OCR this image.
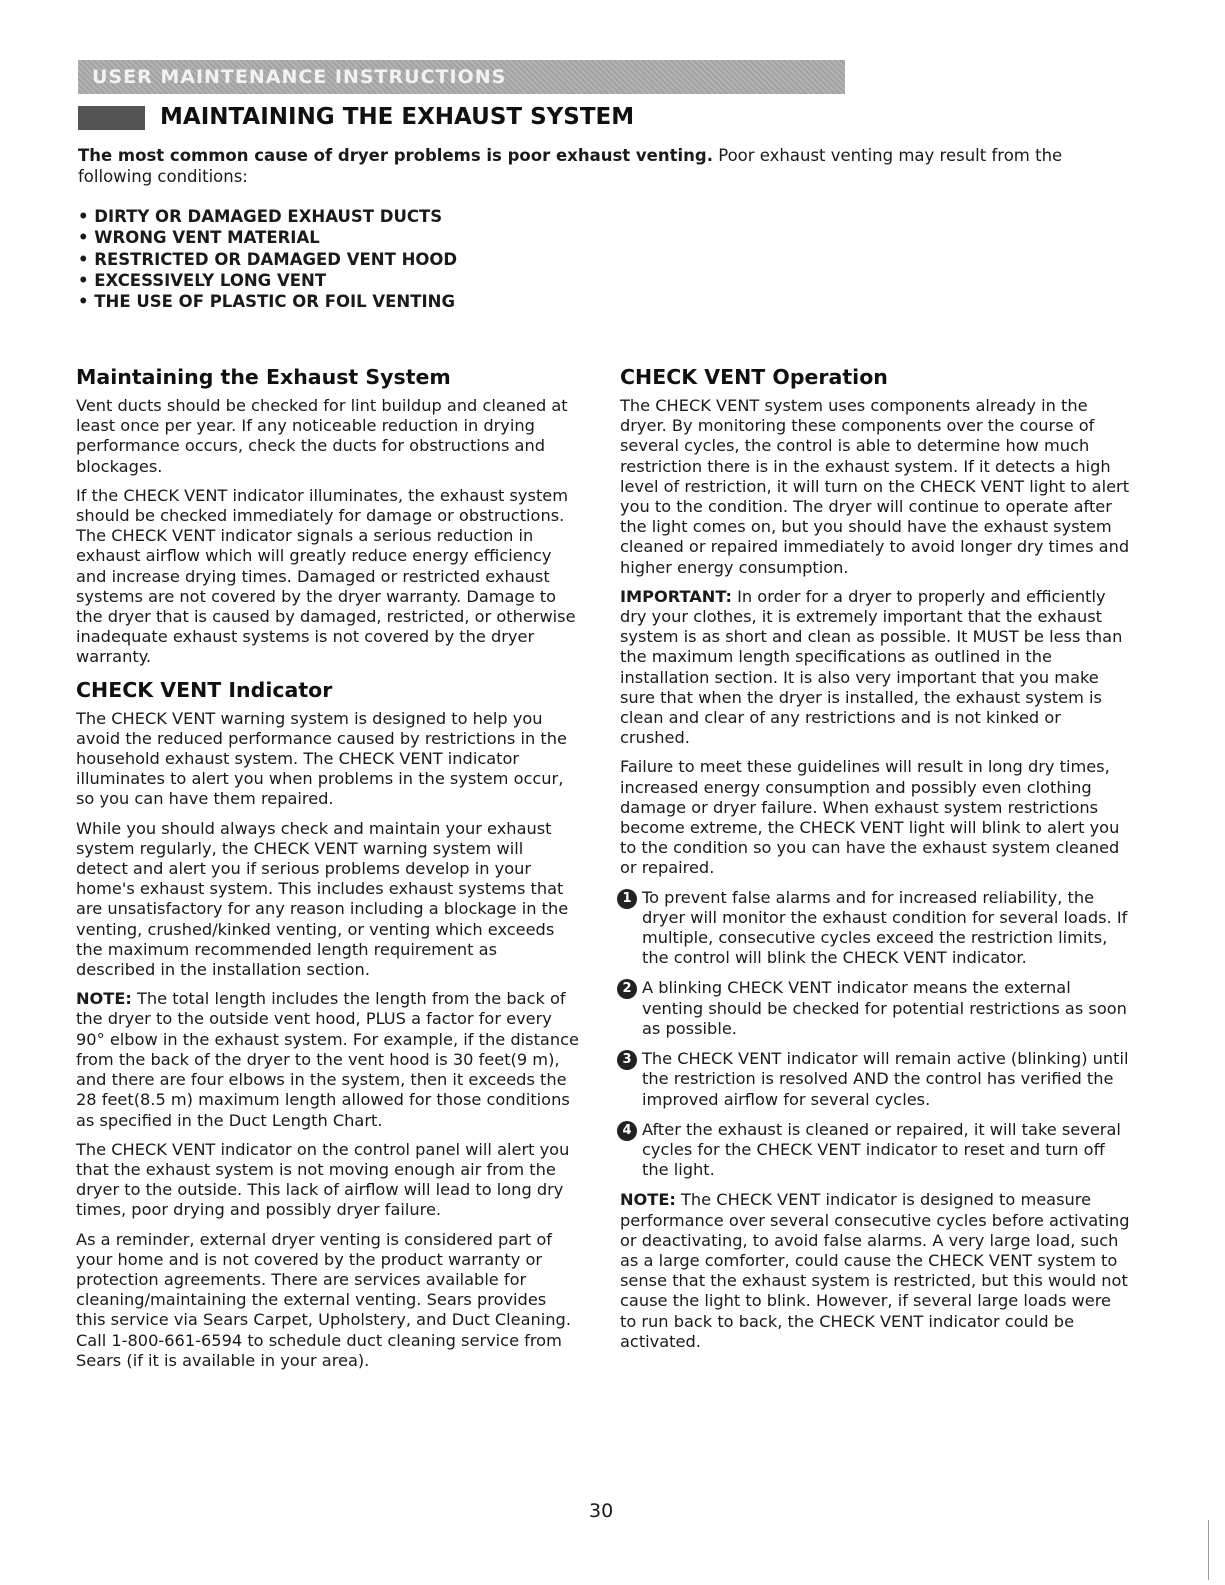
USER MAINTENANCE INSTRUCTIONS
MAINTAINING THE EXHAUST SYSTEM
The most common cause of dryer problems is poor exhaust venting. Poor exhaust venting may result from the following conditions:
• DIRTY OR DAMAGED EXHAUST DUCTS
• WRONG VENT MATERIAL
• RESTRICTED OR DAMAGED VENT HOOD
• EXCESSIVELY LONG VENT
• THE USE OF PLASTIC OR FOIL VENTING
Maintaining the Exhaust System

Vent ducts should be checked for lint buildup and cleaned at least once per year. If any noticeable reduction in drying performance occurs, check the ducts for obstructions and blockages.

If the CHECK VENT indicator illuminates, the exhaust system should be checked immediately for damage or obstructions. The CHECK VENT indicator signals a serious reduction in exhaust airflow which will greatly reduce energy efficiency and increase drying times. Damaged or restricted exhaust systems are not covered by the dryer warranty. Damage to the dryer that is caused by damaged, restricted, or otherwise inadequate exhaust systems is not covered by the dryer warranty.

CHECK VENT Indicator

The CHECK VENT warning system is designed to help you avoid the reduced performance caused by restrictions in the household exhaust system. The CHECK VENT indicator illuminates to alert you when problems in the system occur, so you can have them repaired.

While you should always check and maintain your exhaust system regularly, the CHECK VENT warning system will detect and alert you if serious problems develop in your home's exhaust system. This includes exhaust systems that are unsatisfactory for any reason including a blockage in the venting, crushed/kinked venting, or venting which exceeds the maximum recommended length requirement as described in the installation section.

NOTE: The total length includes the length from the back of the dryer to the outside vent hood, PLUS a factor for every 90° elbow in the exhaust system. For example, if the distance from the back of the dryer to the vent hood is 30 feet(9 m), and there are four elbows in the system, then it exceeds the 28 feet(8.5 m) maximum length allowed for those conditions as specified in the Duct Length Chart.

The CHECK VENT indicator on the control panel will alert you that the exhaust system is not moving enough air from the dryer to the outside. This lack of airflow will lead to long dry times, poor drying and possibly dryer failure.

As a reminder, external dryer venting is considered part of your home and is not covered by the product warranty or protection agreements. There are services available for cleaning/maintaining the external venting. Sears provides this service via Sears Carpet, Upholstery, and Duct Cleaning. Call 1-800-661-6594 to schedule duct cleaning service from Sears (if it is available in your area).

CHECK VENT Operation

The CHECK VENT system uses components already in the dryer. By monitoring these components over the course of several cycles, the control is able to determine how much restriction there is in the exhaust system. If it detects a high level of restriction, it will turn on the CHECK VENT light to alert you to the condition. The dryer will continue to operate after the light comes on, but you should have the exhaust system cleaned or repaired immediately to avoid longer dry times and higher energy consumption.

IMPORTANT: In order for a dryer to properly and efficiently dry your clothes, it is extremely important that the exhaust system is as short and clean as possible. It MUST be less than the maximum length specifications as outlined in the installation section. It is also very important that you make sure that when the dryer is installed, the exhaust system is clean and clear of any restrictions and is not kinked or crushed.

Failure to meet these guidelines will result in long dry times, increased energy consumption and possibly even clothing damage or dryer failure. When exhaust system restrictions become extreme, the CHECK VENT light will blink to alert you to the condition so you can have the exhaust system cleaned or repaired.

1 To prevent false alarms and for increased reliability, the dryer will monitor the exhaust condition for several loads. If multiple, consecutive cycles exceed the restriction limits, the control will blink the CHECK VENT indicator.
2 A blinking CHECK VENT indicator means the external venting should be checked for potential restrictions as soon as possible.
3 The CHECK VENT indicator will remain active (blinking) until the restriction is resolved AND the control has verified the improved airflow for several cycles.
4 After the exhaust is cleaned or repaired, it will take several cycles for the CHECK VENT indicator to reset and turn off the light.

NOTE: The CHECK VENT indicator is designed to measure performance over several consecutive cycles before activating or deactivating, to avoid false alarms. A very large load, such as a large comforter, could cause the CHECK VENT system to sense that the exhaust system is restricted, but this would not cause the light to blink. However, if several large loads were to run back to back, the CHECK VENT indicator could be activated.

30
